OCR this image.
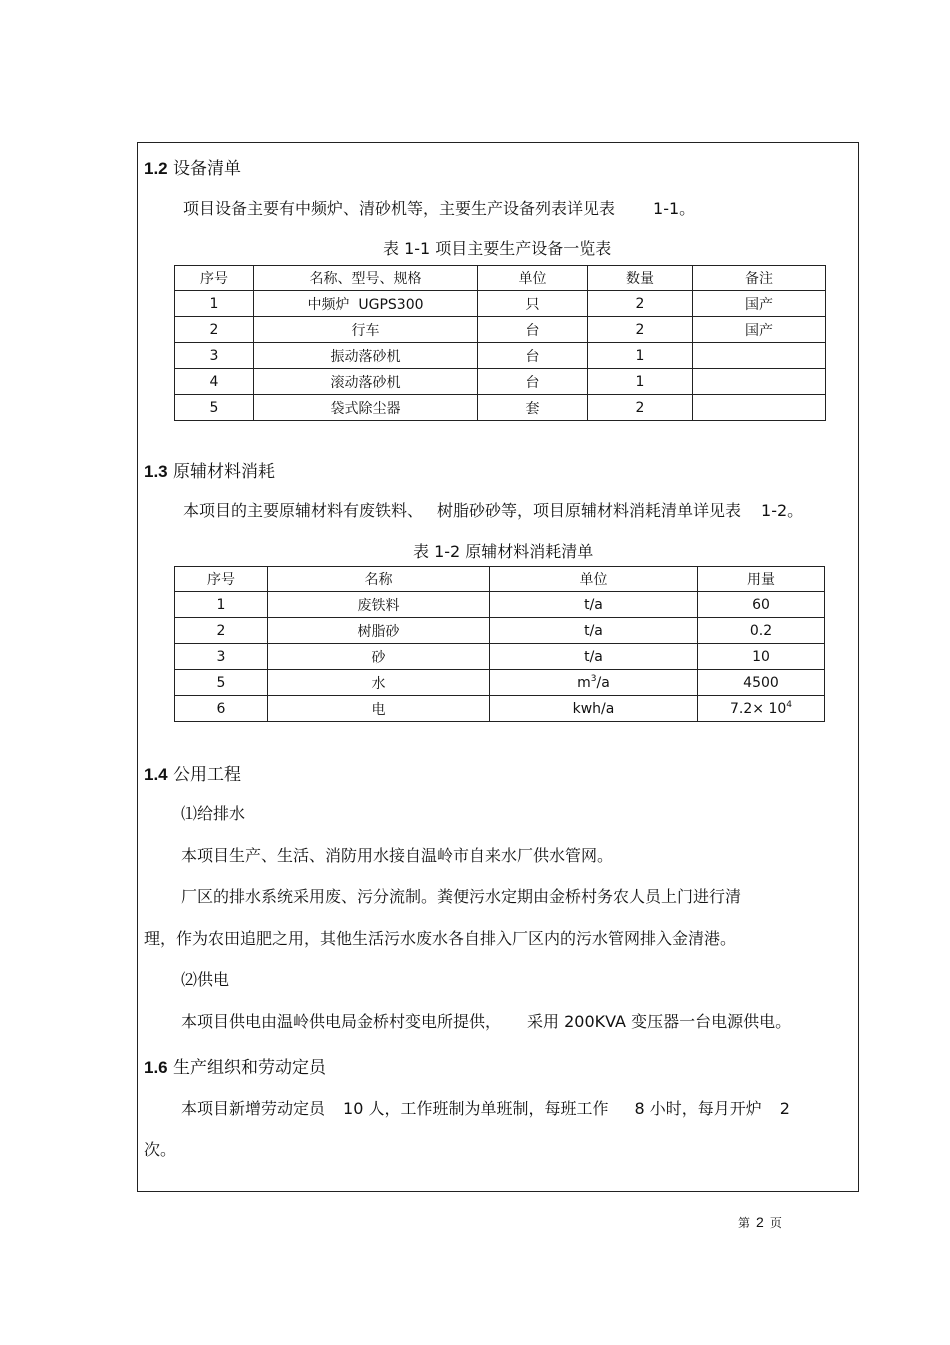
1.2 设备清单
项目设备主要有中频炉、清砂机等，主要生产设备列表详见表 1-1。
表 1-1 项目主要生产设备一览表
序号	名称、型号、规格	单位	数量	备注
1	中频炉  UGPS300	只	2	国产
2	行车	台	2	国产
3	振动落砂机	台	1	
4	滚动落砂机	台	1	
5	袋式除尘器	套	2	
1.3 原辅材料消耗
本项目的主要原辅材料有废铁料、 树脂砂砂等，项目原辅材料消耗清单详见表 1-2。
表 1-2 原辅材料消耗清单
序号	名称	单位	用量
1	废铁料	t/a	60
2	树脂砂	t/a	0.2
3	砂	t/a	10
5	水	$m^3/a$	4500
6	电	kwh/a	$7.2\times 10^4$
1.4 公用工程
⑴给排水
本项目生产、生活、消防用水接自温岭市自来水厂供水管网。
厂区的排水系统采用废、污分流制。粪便污水定期由金桥村务农人员上门进行清
理，作为农田追肥之用，其他生活污水废水各自排入厂区内的污水管网排入金清港。
⑵供电
本项目供电由温岭供电局金桥村变电所提供， 采用 200KVA 变压器一台电源供电。
1.6 生产组织和劳动定员
本项目新增劳动定员 10 人，工作班制为单班制，每班工作 8 小时，每月开炉 2
次。
第 2 页
